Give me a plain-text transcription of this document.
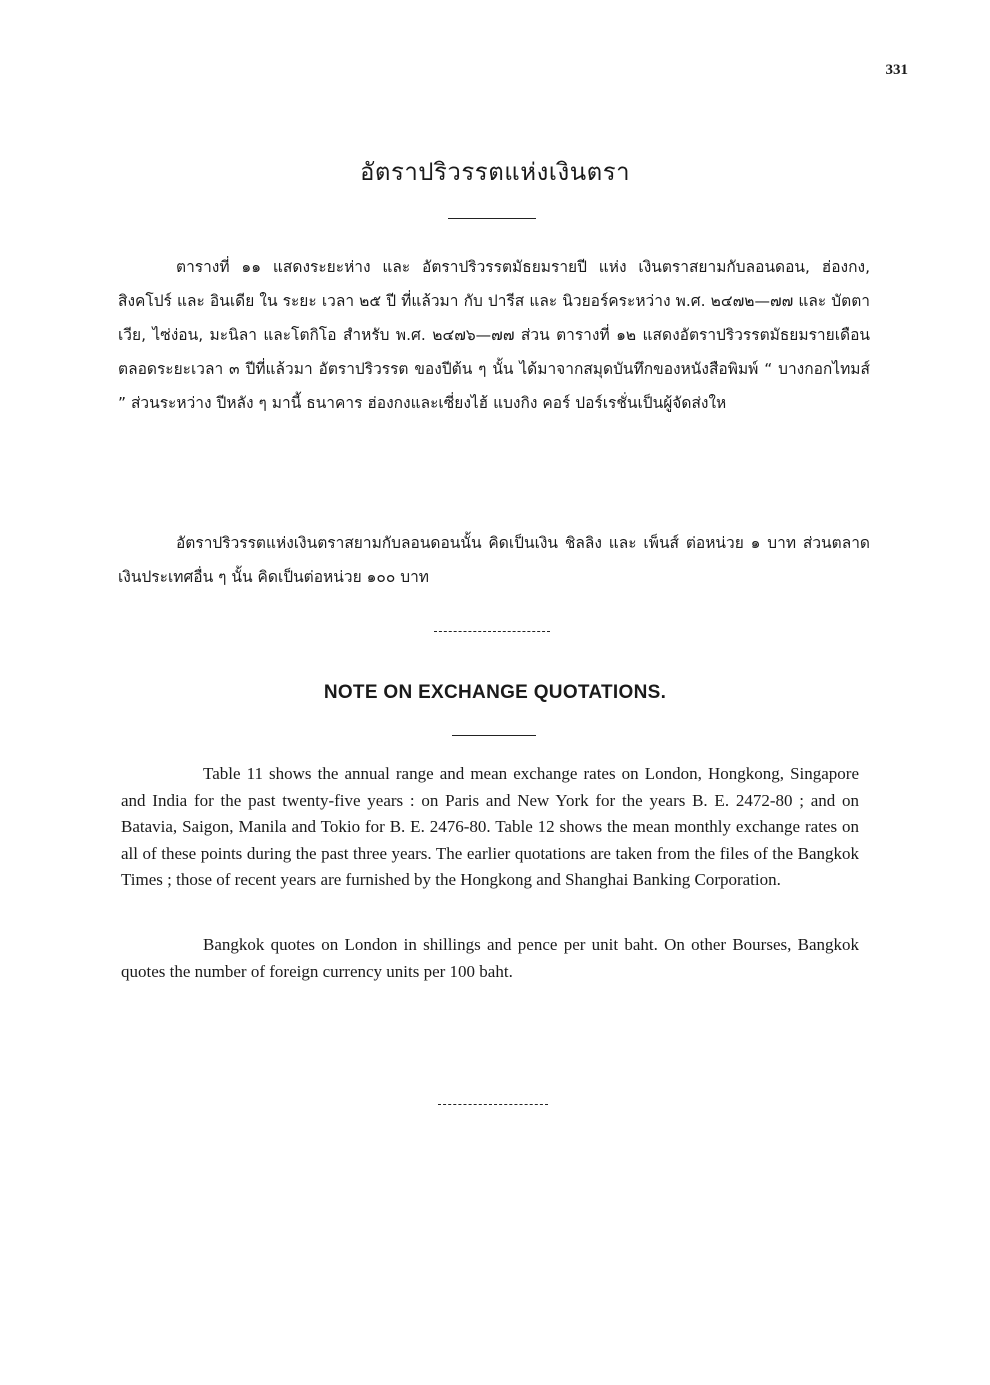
331
อัตราปริวรรตแห่งเงินตรา

ตารางที่ ๑๑ แสดงระยะห่าง และ อัตราปริวรรตมัธยมรายปี แห่ง เงินตราสยามกับลอนดอน, ฮ่องกง, สิงคโปร์ และ อินเดีย ใน ระยะ เวลา ๒๕ ปี ที่แล้วมา กับ ปารีส และ นิวยอร์คระหว่าง พ.ศ. ๒๔๗๒—๗๗ และ บัตตาเวีย, ไซ่ง่อน, มะนิลา และโตกิโอ สำหรับ พ.ศ. ๒๔๗๖—๗๗ ส่วน ตารางที่ ๑๒ แสดงอัตราปริวรรตมัธยมรายเดือนตลอดระยะเวลา ๓ ปีที่แล้วมา อัตราปริวรรต ของปีต้น ๆ นั้น ได้มาจากสมุดบันทึกของหนังสือพิมพ์ “ บางกอกไทมส์ ” ส่วนระหว่าง ปีหลัง ๆ มานี้ ธนาคาร ฮ่องกงและเซี่ยงไฮ้ แบงกิง คอร์ ปอร์เรชั่นเป็นผู้จัดส่งให

อัตราปริวรรตแห่งเงินตราสยามกับลอนดอนนั้น คิดเป็นเงิน ชิลลิง และ เพ็นส์ ต่อหน่วย ๑ บาท ส่วนตลาดเงินประเทศอื่น ๆ นั้น คิดเป็นต่อหน่วย ๑๐๐ บาท

NOTE ON EXCHANGE QUOTATIONS.

Table 11 shows the annual range and mean exchange rates on London, Hongkong, Singapore and India for the past twenty-five years : on Paris and New York for the years B. E. 2472-80 ; and on Batavia, Saigon, Manila and Tokio for B. E. 2476-80. Table 12 shows the mean monthly exchange rates on all of these points during the past three years. The earlier quotations are taken from the files of the Bangkok Times ; those of recent years are furnished by the Hongkong and Shanghai Banking Corporation.

Bangkok quotes on London in shillings and pence per unit baht. On other Bourses, Bangkok quotes the number of foreign currency units per 100 baht.
